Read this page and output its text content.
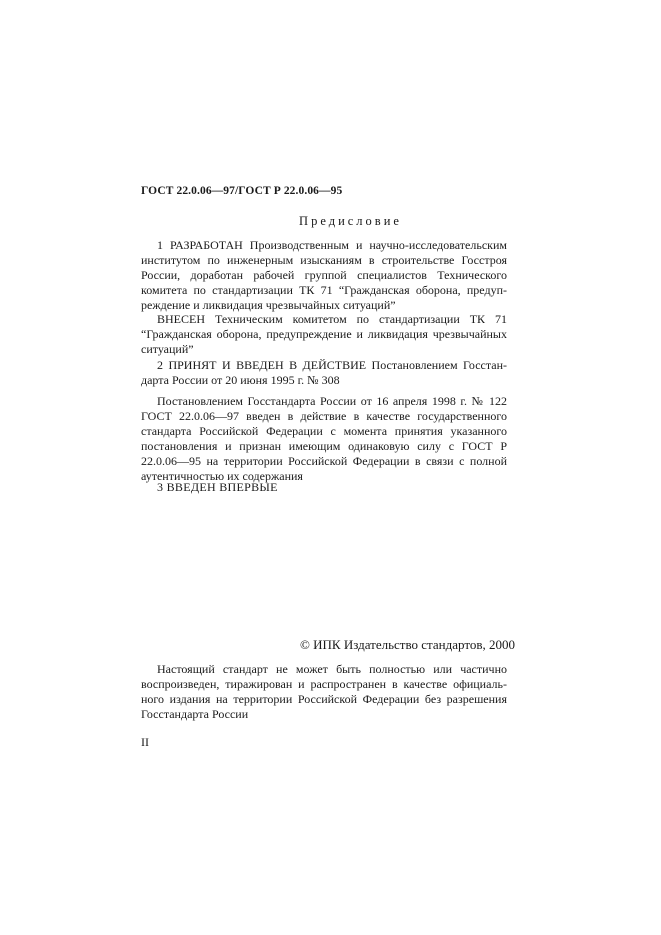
ГОСТ 22.0.06—97/ГОСТ Р 22.0.06—95
Предисловие
1 РАЗРАБОТАН Производственным и научно-исследовательским
институтом по инженерным изысканиям в строительстве Госстроя
России, доработан рабочей группой специалистов Технического
комитета по стандартизации ТК 71 “Гражданская оборона, предуп-
реждение и ликвидация чрезвычайных ситуаций”
ВНЕСЕН Техническим комитетом по стандартизации ТК 71
“Гражданская оборона, предупреждение и ликвидация чрезвычайных
ситуаций”
2 ПРИНЯТ И ВВЕДЕН В ДЕЙСТВИЕ Постановлением Госстан-
дарта России от 20 июня 1995 г. № 308
Постановлением Госстандарта России от 16 апреля 1998 г. № 122
ГОСТ 22.0.06—97 введен в действие в качестве государственного
стандарта Российской Федерации с момента принятия указанного
постановления и признан имеющим одинаковую силу с ГОСТ Р
22.0.06—95 на территории Российской Федерации в связи с полной
аутентичностью их содержания
3 ВВЕДЕН ВПЕРВЫЕ
© ИПК Издательство стандартов, 2000
Настоящий стандарт не может быть полностью или частично
воспроизведен, тиражирован и распространен в качестве официаль-
ного издания на территории Российской Федерации без разрешения
Госстандарта России
II
